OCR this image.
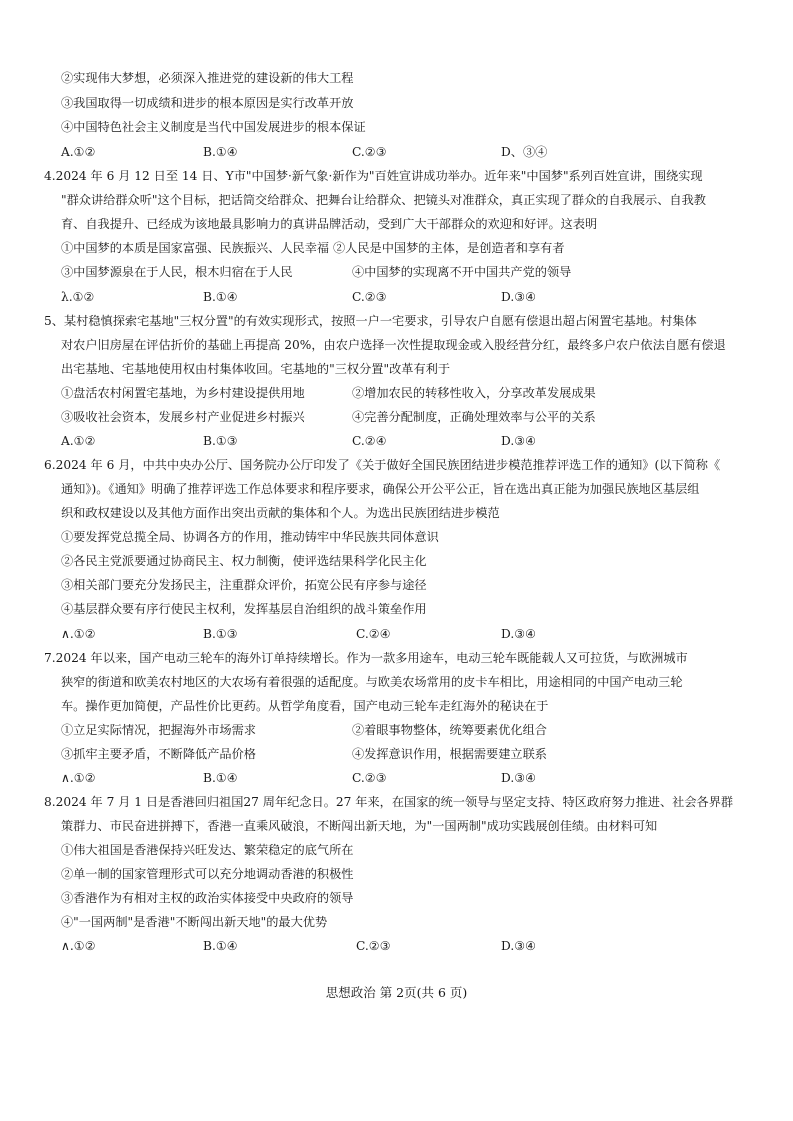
②实现伟大梦想，必须深入推进党的建设新的伟大工程
③我国取得一切成绩和进步的根本原因是实行改革开放
④中国特色社会主义制度是当代中国发展进步的根本保证
A.①②	B.①④	C.②③	D、③④
4.2024 年 6 月 12 日至 14 日、Y市"中国梦·新气象·新作为"百姓宣讲成功举办。近年来"中国梦"系列百姓宣讲，围绕实现
"群众讲给群众听"这个目标，把话筒交给群众、把舞台让给群众、把镜头对准群众，真正实现了群众的自我展示、自我教
育、自我提升、已经成为该地最具影响力的真讲品牌活动，受到广大干部群众的欢迎和好评。这表明
①中国梦的本质是国家富强、民族振兴、人民幸福 ②人民是中国梦的主体，是创造者和享有者
③中国梦源泉在于人民，根木归宿在于人民	④中国梦的实现离不开中国共产党的领导
λ.①②	B.①④	C.②③	D.③④
5、某村稳慎探索宅基地"三权分置"的有效实现形式，按照一户一宅要求，引导农户自愿有偿退出超占闲置宅基地。村集体
对农户旧房屋在评估折价的基础上再提高 20%，由农户选择一次性提取现金或入股经营分红，最终多户农户依法自愿有偿退
出宅基地、宅基地使用权由村集体收回。宅基地的"三权分置"改革有利于
①盘活农村闲置宅基地，为乡村建设提供用地	②增加农民的转移性收入，分享改革发展成果
③吸收社会资本，发展乡村产业促进乡村振兴	④完善分配制度，正确处理效率与公平的关系
A.①②	B.①③	C.②④	D.③④
6.2024 年 6 月，中共中央办公厅、国务院办公厅印发了《关于做好全国民族团结进步模范推荐评选工作的通知》(以下简称《
通知》)。《通知》明确了推荐评选工作总体要求和程序要求，确保公开公平公正，旨在选出真正能为加强民族地区基层组
织和政权建设以及其他方面作出突出贡献的集体和个人。为选出民族团结进步模范
①要发挥党总揽全局、协调各方的作用，推动铸牢中华民族共同体意识
②各民主党派要通过协商民主、权力制衡，使评选结果科学化民主化
③相关部门要充分发扬民主，注重群众评价，拓宽公民有序参与途径
④基层群众要有序行使民主权利，发挥基层自治组织的战斗策垒作用
∧.①②	B.①③	C.②④	D.③④
7.2024 年以来，国产电动三轮车的海外订单持续增长。作为一款多用途车，电动三轮车既能载人又可拉货，与欧洲城市
狭窄的街道和欧美农村地区的大农场有着很强的适配度。与欧美农场常用的皮卡车相比，用途相同的中国产电动三轮
车。操作更加简便，产品性价比更药。从哲学角度看，国产电动三轮车走红海外的秘诀在于
①立足实际情况，把握海外市场需求	②着眼事物整体，统筹要素优化组合
③抓牢主要矛盾，不断降低产品价格	④发挥意识作用，根据需要建立联系
∧.①②	B.①④	C.②③	D.③④
8.2024 年 7 月 1 日是香港回归祖国27 周年纪念日。27 年来，在国家的统一领导与坚定支持、特区政府努力推进、社会各界群
策群力、市民奋进拼搏下，香港一直乘风破浪，不断闯出新天地，为"一国两制"成功实践展创佳绩。由材料可知
①伟大祖国是香港保持兴旺发达、繁荣稳定的底气所在
②单一制的国家管理形式可以充分地调动香港的积极性
③香港作为有相对主权的政治实体接受中央政府的领导
④"一国两制"是香港"不断闯出新天地"的最大优势
∧.①②	B.①④	C.②③	D.③④
思想政治 第 2页(共 6 页)
